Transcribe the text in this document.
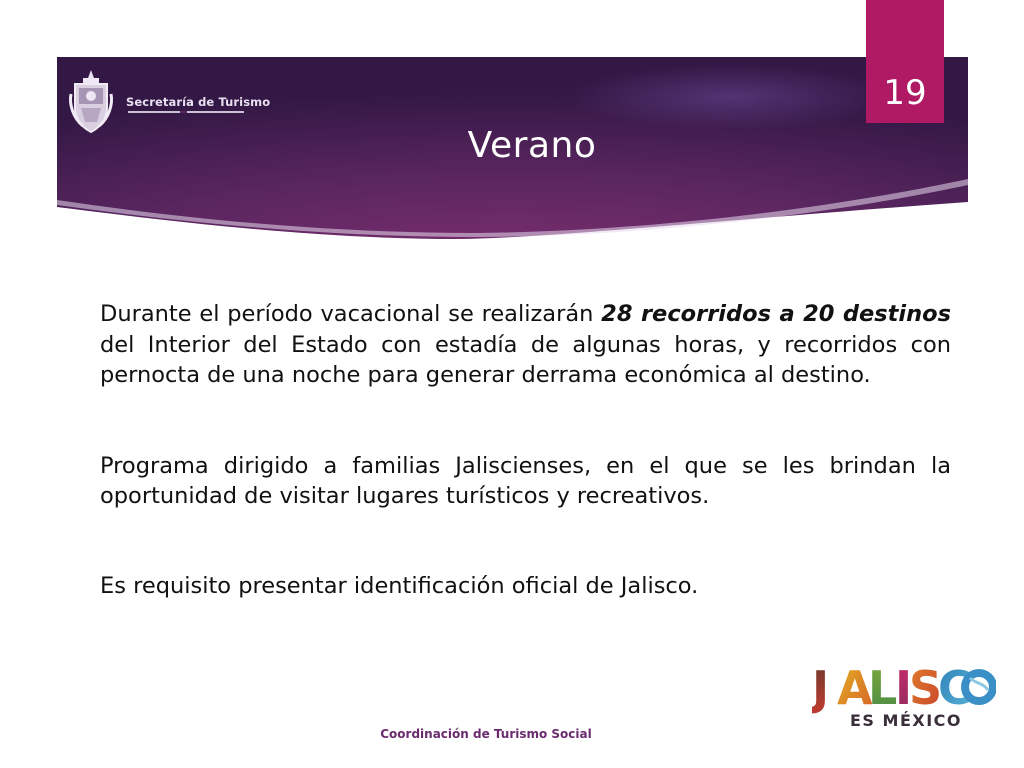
Secretaría de Turismo
Verano
19

Durante el período vacacional se realizarán 28 recorridos a 20 destinos del Interior del Estado con estadía de algunas horas, y recorridos con pernocta de una noche para generar derrama económica al destino.

Programa dirigido a familias Jaliscienses, en el que se les brindan la oportunidad de visitar lugares turísticos y recreativos.

Es requisito presentar identificación oficial de Jalisco.

Coordinación de Turismo Social
J A
L
I
S
C
ES MÉXICO
